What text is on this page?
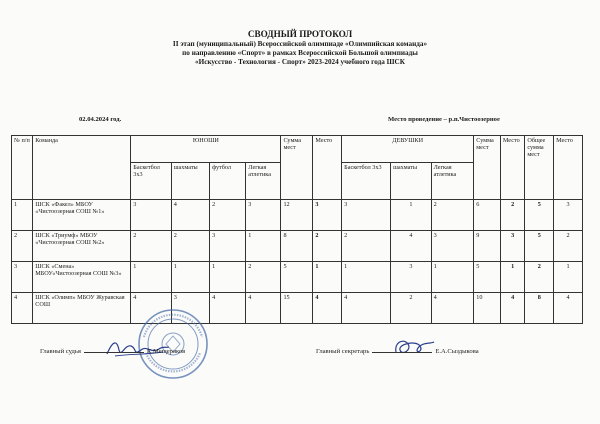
СВОДНЫЙ ПРОТОКОЛ
II этап (муниципальный) Всероссийской олимпиаде «Олимпийская команда»
по направлению «Спорт» в рамках Всероссийской Большой олимпиады
«Искусство - Технология - Спорт» 2023-2024 учебного года ШСК
02.04.2024 год.	Место проведение – р.п.Чистоозерное
№ п/п	Команда	ЮНОШИ				Сумма мест	Место	ДЕВУШКИ			Сумма мест	Место	Общее сумма мест	Место
		Баскетбол 3х3	шахматы	футбол	Легкая атлетика			Баскетбол 3х3	шахматы	Легкая атлетика				
1	ШСК «Факел» МБОУ «Чистоозерная СОШ №1»	3	4	2	3	12	3	3	1	2	6	2	5	3
2	ШСК «Триумф» МБОУ «Чистоозерная СОШ №2»	2	2	3	1	8	2	2	4	3	9	3	5	2
3	ШСК «Смена» МБОУ«Чистоозерная СОШ №3»	1	1	1	2	5	1	1	3	1	5	1	2	1
4	ШСК «Олимп» МБОУ Журавская СОШ	4	3	4	4	15	4	4	2	4	10	4	8	4
Главный судья	К.Мещеряков	Главный секретарь	Е.А.Сыздыкова
